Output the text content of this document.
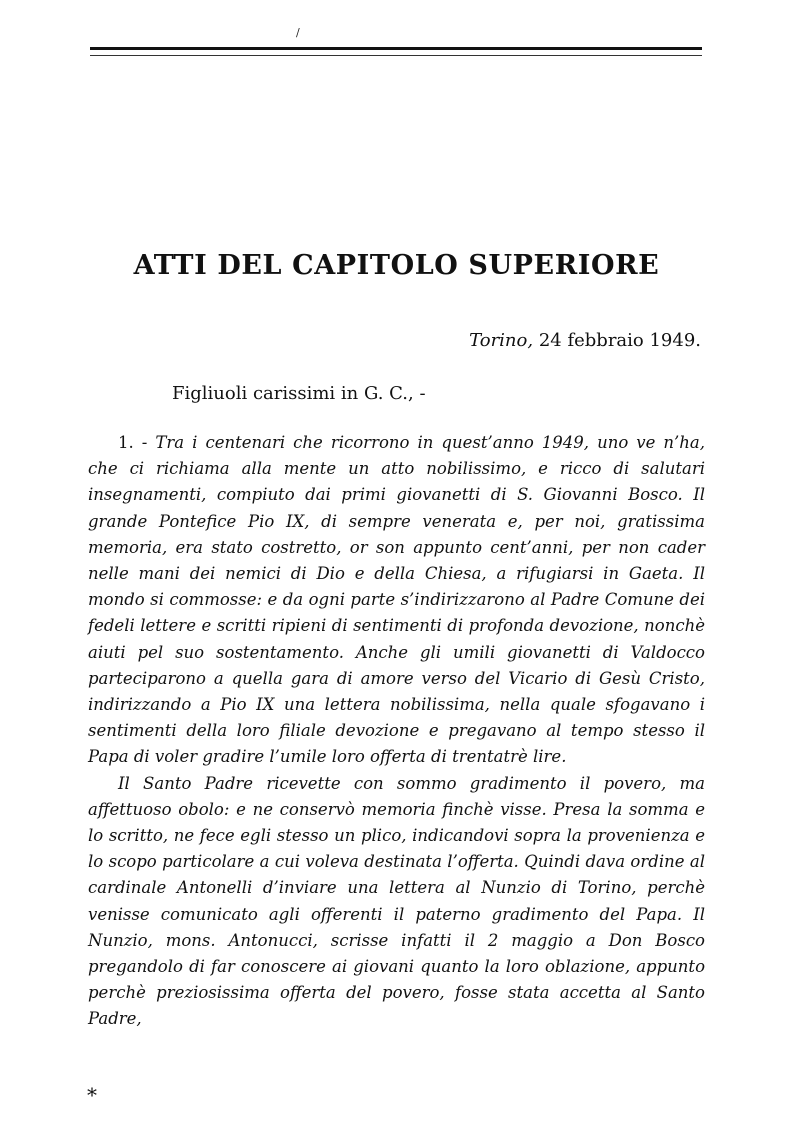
/
ATTI DEL CAPITOLO SUPERIORE

Torino, 24 febbraio 1949.

Figliuoli carissimi in G. C., -

1. - Tra i centenari che ricorrono in quest’anno 1949, uno ve n’ha, che ci richiama alla mente un atto nobilissimo, e ricco di salutari insegnamenti, compiuto dai primi giovanetti di S. Giovanni Bosco. Il grande Pontefice Pio IX, di sempre venerata e, per noi, gratissima memoria, era stato costretto, or son appunto cent’anni, per non cader nelle mani dei nemici di Dio e della Chiesa, a rifugiarsi in Gaeta. Il mondo si commosse: e da ogni parte s’indirizzarono al Padre Comune dei fedeli lettere e scritti ripieni di sentimenti di profonda devozione, nonchè aiuti pel suo sostentamento. Anche gli umili giovanetti di Valdocco parteciparono a quella gara di amore verso del Vicario di Gesù Cristo, indirizzando a Pio IX una lettera nobilissima, nella quale sfogavano i sentimenti della loro filiale devozione e pregavano al tempo stesso il Papa di voler gradire l’umile loro offerta di trentatrè lire.

Il Santo Padre ricevette con sommo gradimento il povero, ma affettuoso obolo: e ne conservò memoria finchè visse. Presa la somma e lo scritto, ne fece egli stesso un plico, indicandovi sopra la provenienza e lo scopo particolare a cui voleva destinata l’offerta. Quindi dava ordine al cardinale Antonelli d’inviare una lettera al Nunzio di Torino, perchè venisse comunicato agli offerenti il paterno gradimento del Papa. Il Nunzio, mons. Antonucci, scrisse infatti il 2 maggio a Don Bosco pregandolo di far conoscere ai giovani quanto la loro oblazione, appunto perchè preziosissima offerta del povero, fosse stata accetta al Santo Padre,

*
